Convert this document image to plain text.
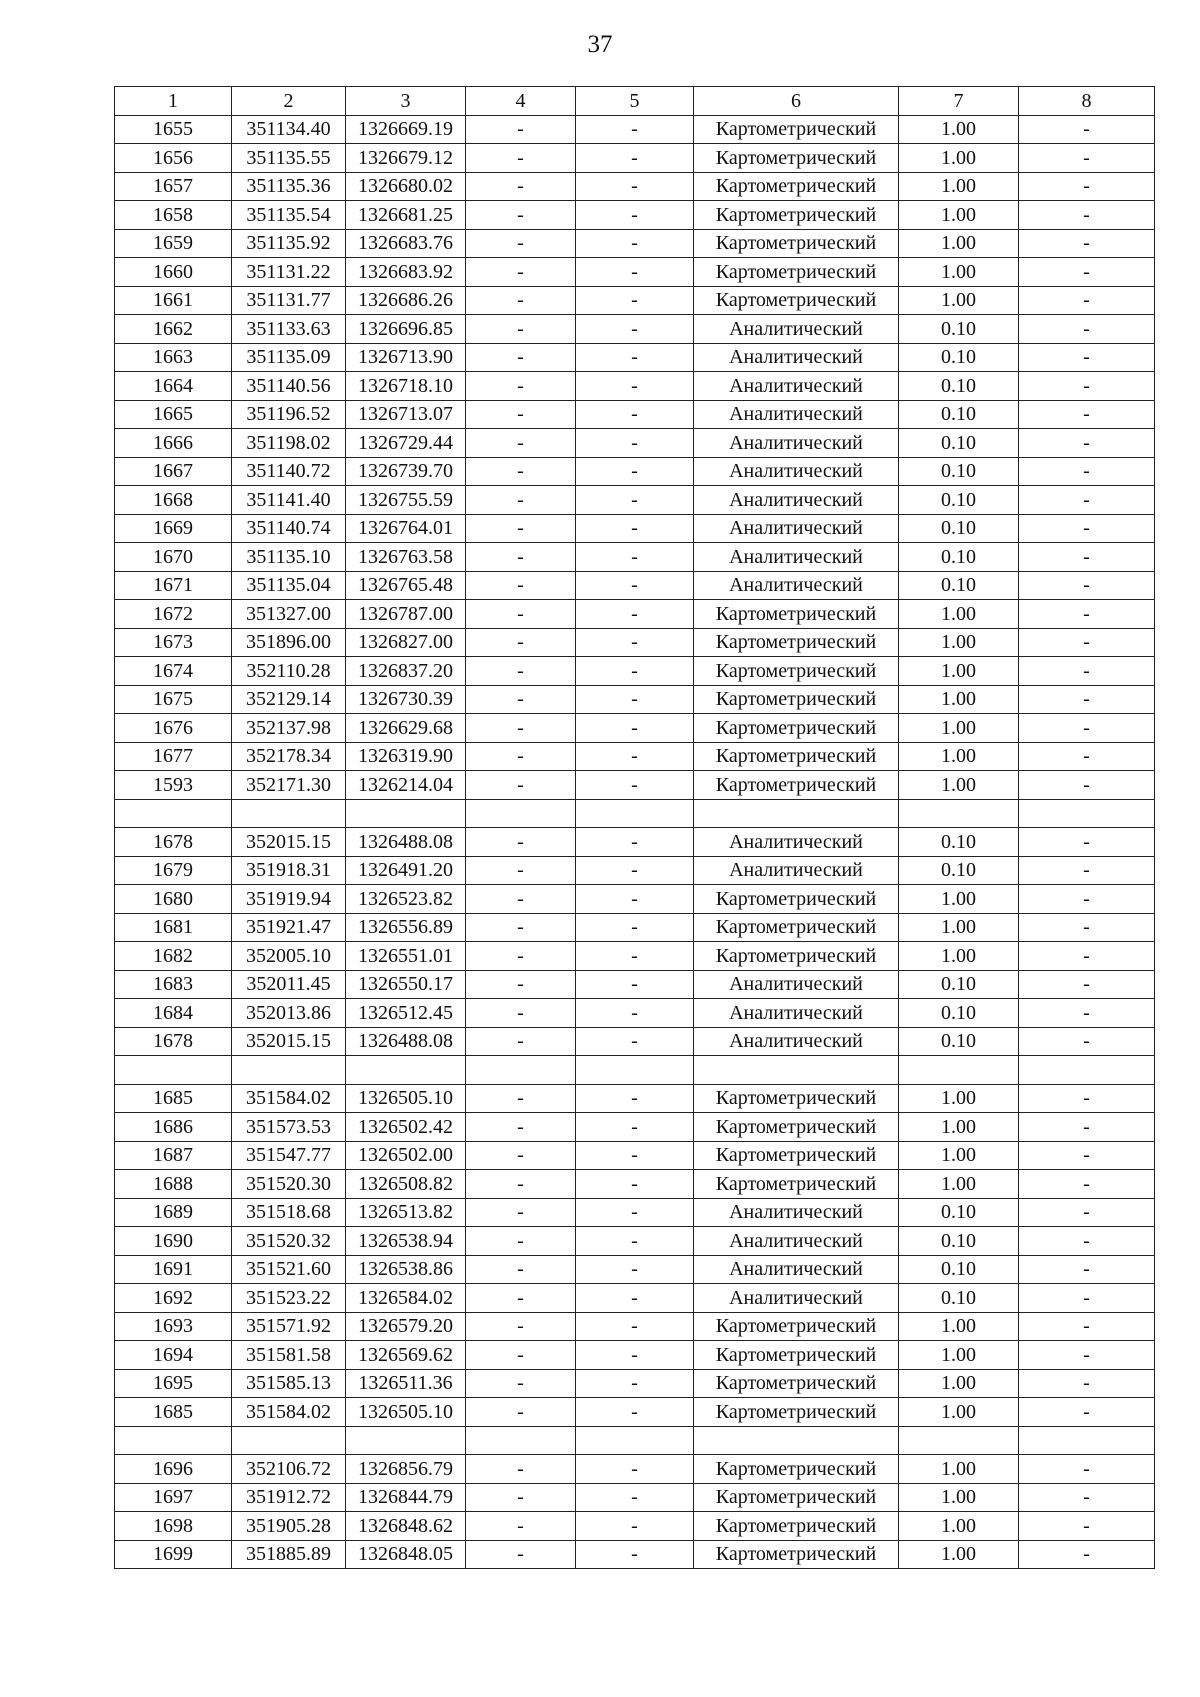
37
1	2	3	4	5	6	7	8
1655	351134.40	1326669.19	-	-	Картометрический	1.00	-
1656	351135.55	1326679.12	-	-	Картометрический	1.00	-
1657	351135.36	1326680.02	-	-	Картометрический	1.00	-
1658	351135.54	1326681.25	-	-	Картометрический	1.00	-
1659	351135.92	1326683.76	-	-	Картометрический	1.00	-
1660	351131.22	1326683.92	-	-	Картометрический	1.00	-
1661	351131.77	1326686.26	-	-	Картометрический	1.00	-
1662	351133.63	1326696.85	-	-	Аналитический	0.10	-
1663	351135.09	1326713.90	-	-	Аналитический	0.10	-
1664	351140.56	1326718.10	-	-	Аналитический	0.10	-
1665	351196.52	1326713.07	-	-	Аналитический	0.10	-
1666	351198.02	1326729.44	-	-	Аналитический	0.10	-
1667	351140.72	1326739.70	-	-	Аналитический	0.10	-
1668	351141.40	1326755.59	-	-	Аналитический	0.10	-
1669	351140.74	1326764.01	-	-	Аналитический	0.10	-
1670	351135.10	1326763.58	-	-	Аналитический	0.10	-
1671	351135.04	1326765.48	-	-	Аналитический	0.10	-
1672	351327.00	1326787.00	-	-	Картометрический	1.00	-
1673	351896.00	1326827.00	-	-	Картометрический	1.00	-
1674	352110.28	1326837.20	-	-	Картометрический	1.00	-
1675	352129.14	1326730.39	-	-	Картометрический	1.00	-
1676	352137.98	1326629.68	-	-	Картометрический	1.00	-
1677	352178.34	1326319.90	-	-	Картометрический	1.00	-
1593	352171.30	1326214.04	-	-	Картометрический	1.00	-

1678	352015.15	1326488.08	-	-	Аналитический	0.10	-
1679	351918.31	1326491.20	-	-	Аналитический	0.10	-
1680	351919.94	1326523.82	-	-	Картометрический	1.00	-
1681	351921.47	1326556.89	-	-	Картометрический	1.00	-
1682	352005.10	1326551.01	-	-	Картометрический	1.00	-
1683	352011.45	1326550.17	-	-	Аналитический	0.10	-
1684	352013.86	1326512.45	-	-	Аналитический	0.10	-
1678	352015.15	1326488.08	-	-	Аналитический	0.10	-

1685	351584.02	1326505.10	-	-	Картометрический	1.00	-
1686	351573.53	1326502.42	-	-	Картометрический	1.00	-
1687	351547.77	1326502.00	-	-	Картометрический	1.00	-
1688	351520.30	1326508.82	-	-	Картометрический	1.00	-
1689	351518.68	1326513.82	-	-	Аналитический	0.10	-
1690	351520.32	1326538.94	-	-	Аналитический	0.10	-
1691	351521.60	1326538.86	-	-	Аналитический	0.10	-
1692	351523.22	1326584.02	-	-	Аналитический	0.10	-
1693	351571.92	1326579.20	-	-	Картометрический	1.00	-
1694	351581.58	1326569.62	-	-	Картометрический	1.00	-
1695	351585.13	1326511.36	-	-	Картометрический	1.00	-
1685	351584.02	1326505.10	-	-	Картометрический	1.00	-

1696	352106.72	1326856.79	-	-	Картометрический	1.00	-
1697	351912.72	1326844.79	-	-	Картометрический	1.00	-
1698	351905.28	1326848.62	-	-	Картометрический	1.00	-
1699	351885.89	1326848.05	-	-	Картометрический	1.00	-
